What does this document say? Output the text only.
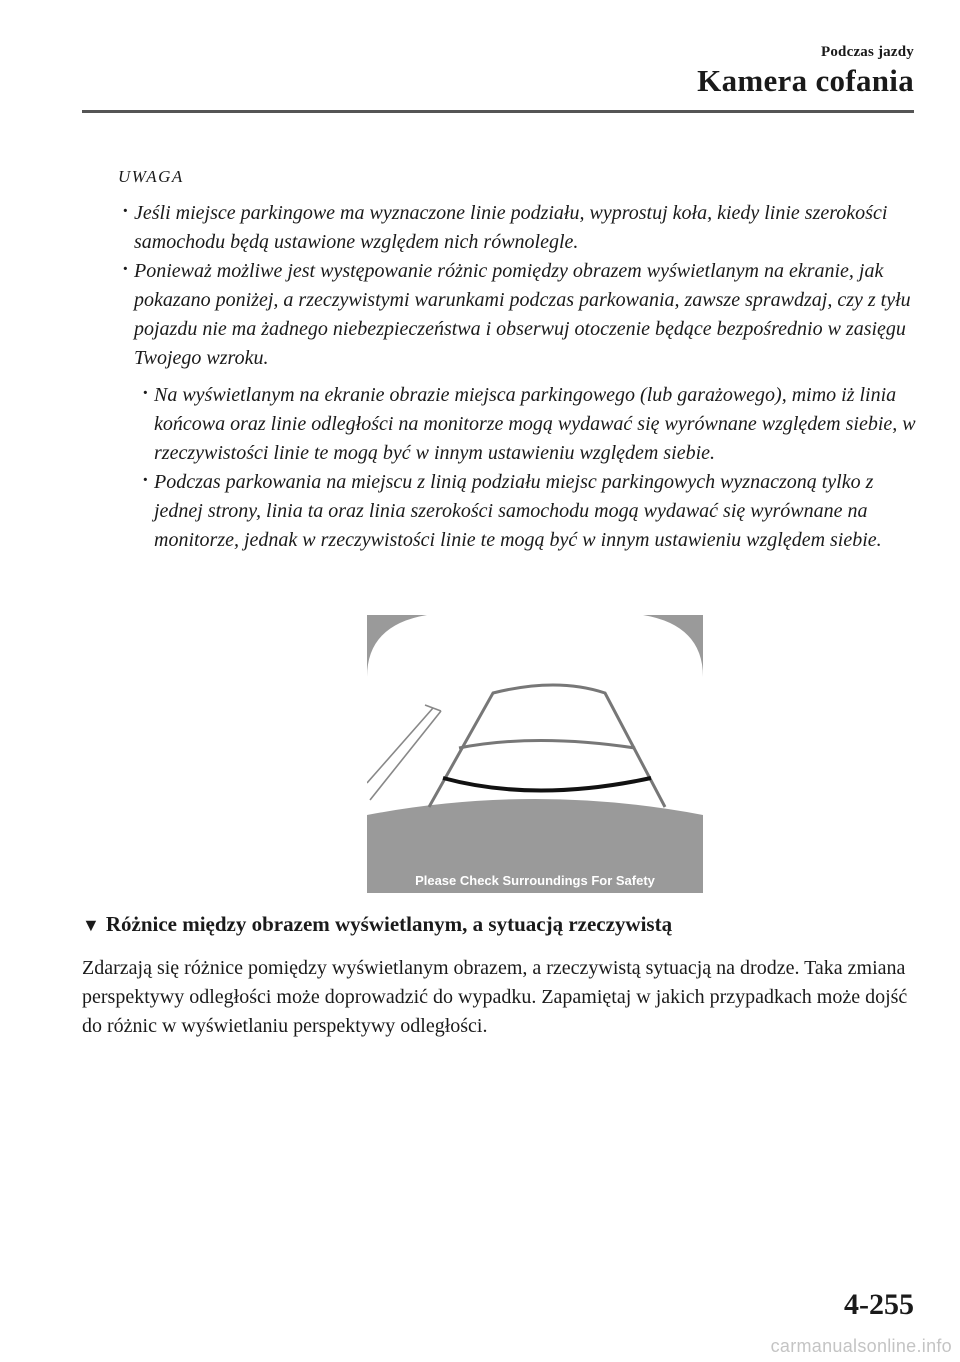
Podczas jazdy
Kamera cofania
UWAGA
· Jeśli miejsce parkingowe ma wyznaczone linie podziału, wyprostuj koła, kiedy linie szerokości samochodu będą ustawione względem nich równolegle.
· Ponieważ możliwe jest występowanie różnic pomiędzy obrazem wyświetlanym na ekranie, jak pokazano poniżej, a rzeczywistymi warunkami podczas parkowania, zawsze sprawdzaj, czy z tyłu pojazdu nie ma żadnego niebezpieczeństwa i obserwuj otoczenie będące bezpośrednio w zasięgu Twojego wzroku.
· Na wyświetlanym na ekranie obrazie miejsca parkingowego (lub garażowego), mimo iż linia końcowa oraz linie odległości na monitorze mogą wydawać się wyrównane względem siebie, w rzeczywistości linie te mogą być w innym ustawieniu względem siebie.
· Podczas parkowania na miejscu z linią podziału miejsc parkingowych wyznaczoną tylko z jednej strony, linia ta oraz linia szerokości samochodu mogą wydawać się wyrównane na monitorze, jednak w rzeczywistości linie te mogą być w innym ustawieniu względem siebie.
Please Check Surroundings For Safety
▼ Różnice między obrazem wyświetlanym, a sytuacją rzeczywistą
Zdarzają się różnice pomiędzy wyświetlanym obrazem, a rzeczywistą sytuacją na drodze. Taka zmiana perspektywy odległości może doprowadzić do wypadku. Zapamiętaj w jakich przypadkach może dojść do różnic w wyświetlaniu perspektywy odległości.
4-255
carmanualsonline.info
